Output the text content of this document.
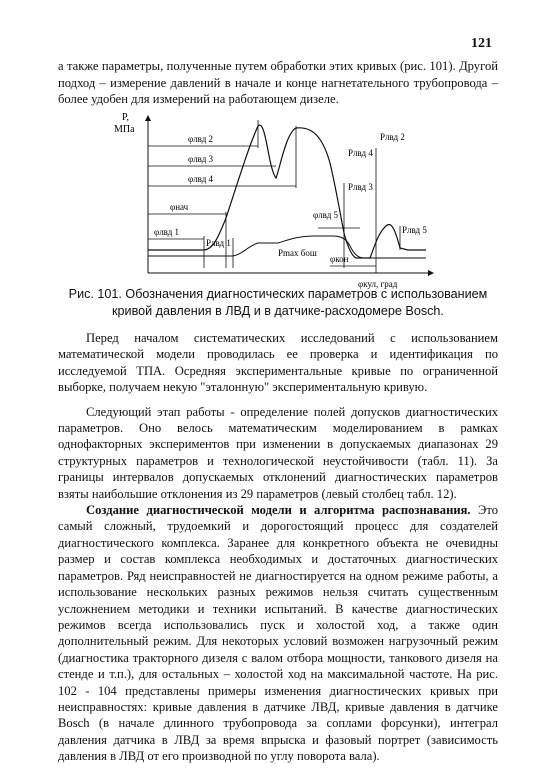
121

а также параметры, полученные путем обработки этих кривых (рис. 101). Другой подход – измерение давлений в начале и конце нагнетательного трубопровода – более удобен для измерений на работающем дизеле.

P,
МПа
φкул, град
φлвд 1
φнач
φлвд 2
φлвд 3
φлвд 4
φлвд 5
φкон
Pлвд 1
Pлвд 2
Pлвд 4
Pлвд 3
Pлвд 5
Pmax бош
Рис. 101. Обозначения диагностических параметров с использованием кривой давления в ЛВД и в датчике-расходомере Bosch.

Перед началом систематических исследований с использованием математической модели проводилась ее проверка и идентификация по исследуемой ТПА. Осредняя экспериментальные кривые по ограниченной выборке, получаем некую "эталонную" экспериментальную кривую.

Следующий этап работы - определение полей допусков диагностических параметров. Оно велось математическим моделированием в рамках однофакторных экспериментов при изменении в допускаемых диапазонах 29 структурных параметров и технологической неустойчивости (табл. 11). За границы интервалов допускаемых отклонений диагностических параметров взяты наибольшие отклонения из 29 параметров (левый столбец табл. 12).

Создание диагностической модели и алгоритма распознавания. Это самый сложный, трудоемкий и дорогостоящий процесс для создателей диагностического комплекса. Заранее для конкретного объекта не очевидны размер и состав комплекса необходимых и достаточных диагностических параметров. Ряд неисправностей не диагностируется на одном режиме работы, а использование нескольких разных режимов нельзя считать существенным усложнением методики и техники испытаний. В качестве диагностических режимов всегда использовались пуск и холостой ход, а также один дополнительный режим. Для некоторых условий возможен нагрузочный режим (диагностика тракторного дизеля с валом отбора мощности, танкового дизеля на стенде и т.п.), для остальных – холостой ход на максимальной частоте. На рис. 102 - 104 представлены примеры изменения диагностических кривых при неисправностях: кривые давления в датчике ЛВД, кривые давления в датчике Bosch (в начале длинного трубопровода за соплами форсунки), интеграл давления датчика в ЛВД за время впрыска и фазовый портрет (зависимость давления в ЛВД от его производной по углу поворота вала).
